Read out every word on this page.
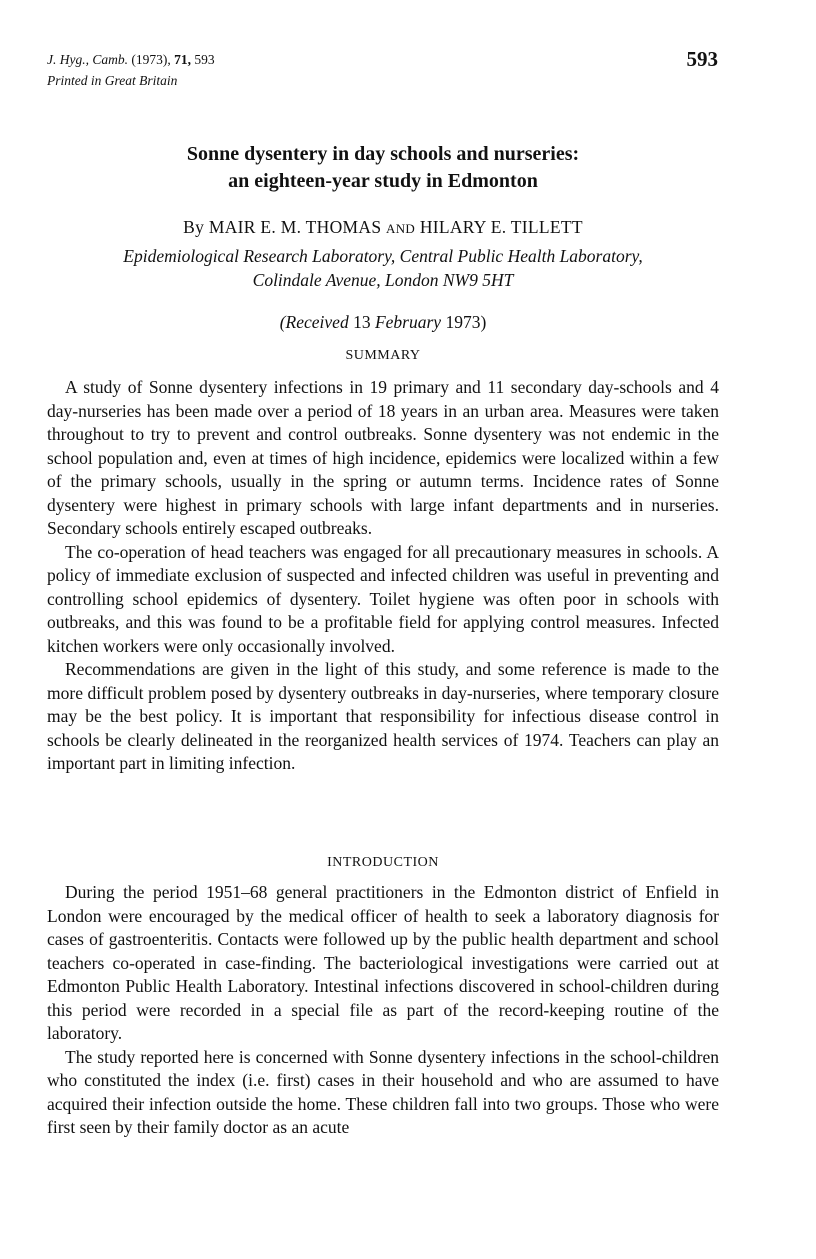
J. Hyg., Camb. (1973), 71, 593
Printed in Great Britain
593
Sonne dysentery in day schools and nurseries:
an eighteen-year study in Edmonton
By MAIR E. M. THOMAS AND HILARY E. TILLETT
Epidemiological Research Laboratory, Central Public Health Laboratory,
Colindale Avenue, London NW9 5HT
(Received 13 February 1973)
SUMMARY

A study of Sonne dysentery infections in 19 primary and 11 secondary day-schools and 4 day-nurseries has been made over a period of 18 years in an urban area. Measures were taken throughout to try to prevent and control outbreaks. Sonne dysentery was not endemic in the school population and, even at times of high incidence, epidemics were localized within a few of the primary schools, usually in the spring or autumn terms. Incidence rates of Sonne dysentery were highest in primary schools with large infant departments and in nurseries. Secondary schools entirely escaped outbreaks.

The co-operation of head teachers was engaged for all precautionary measures in schools. A policy of immediate exclusion of suspected and infected children was useful in preventing and controlling school epidemics of dysentery. Toilet hygiene was often poor in schools with outbreaks, and this was found to be a profitable field for applying control measures. Infected kitchen workers were only occasionally involved.

Recommendations are given in the light of this study, and some reference is made to the more difficult problem posed by dysentery outbreaks in day-nurseries, where temporary closure may be the best policy. It is important that responsibility for infectious disease control in schools be clearly delineated in the reorganized health services of 1974. Teachers can play an important part in limiting infection.

INTRODUCTION

During the period 1951–68 general practitioners in the Edmonton district of Enfield in London were encouraged by the medical officer of health to seek a laboratory diagnosis for cases of gastroenteritis. Contacts were followed up by the public health department and school teachers co-operated in case-finding. The bacteriological investigations were carried out at Edmonton Public Health Laboratory. Intestinal infections discovered in school-children during this period were recorded in a special file as part of the record-keeping routine of the laboratory.

The study reported here is concerned with Sonne dysentery infections in the school-children who constituted the index (i.e. first) cases in their household and who are assumed to have acquired their infection outside the home. These children fall into two groups. Those who were first seen by their family doctor as an acute
